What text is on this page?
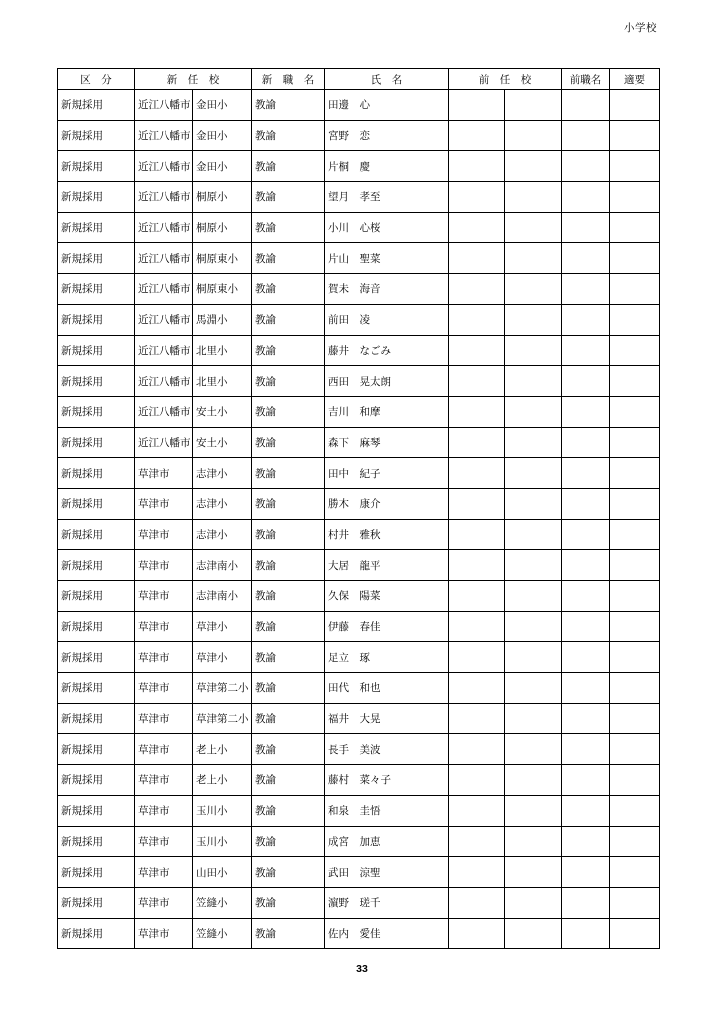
小学校
区　分	新　任　校		新　職　名	氏　名	前　任　校		前職名	適要
新規採用	近江八幡市	金田小	教諭	田邊　心				
新規採用	近江八幡市	金田小	教諭	宮野　恋				
新規採用	近江八幡市	金田小	教諭	片桐　慶				
新規採用	近江八幡市	桐原小	教諭	望月　孝至				
新規採用	近江八幡市	桐原小	教諭	小川　心桜				
新規採用	近江八幡市	桐原東小	教諭	片山　聖菜				
新規採用	近江八幡市	桐原東小	教諭	賀未　海音				
新規採用	近江八幡市	馬淵小	教諭	前田　凌				
新規採用	近江八幡市	北里小	教諭	藤井　なごみ				
新規採用	近江八幡市	北里小	教諭	西田　晃太朗				
新規採用	近江八幡市	安土小	教諭	吉川　和摩				
新規採用	近江八幡市	安土小	教諭	森下　麻琴				
新規採用	草津市	志津小	教諭	田中　紀子				
新規採用	草津市	志津小	教諭	勝木　康介				
新規採用	草津市	志津小	教諭	村井　雅秋				
新規採用	草津市	志津南小	教諭	大居　龍平				
新規採用	草津市	志津南小	教諭	久保　陽菜				
新規採用	草津市	草津小	教諭	伊藤　春佳				
新規採用	草津市	草津小	教諭	足立　琢				
新規採用	草津市	草津第二小	教諭	田代　和也				
新規採用	草津市	草津第二小	教諭	福井　大晃				
新規採用	草津市	老上小	教諭	長手　美波				
新規採用	草津市	老上小	教諭	藤村　菜々子				
新規採用	草津市	玉川小	教諭	和泉　圭悟				
新規採用	草津市	玉川小	教諭	成宮　加恵				
新規採用	草津市	山田小	教諭	武田　涼聖				
新規採用	草津市	笠縫小	教諭	濵野　瑳千				
新規採用	草津市	笠縫小	教諭	佐内　愛佳				
33
